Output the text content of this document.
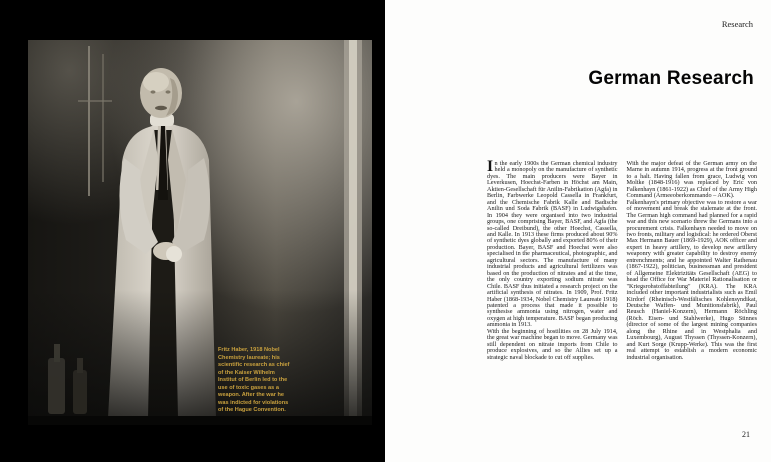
Fritz Haber, 1918 Nobel Chemistry laureate; his scientific research as chief of the Kaiser Wilhelm Institut of Berlin led to the use of toxic gases as a weapon. After the war he was indicted for violations of the Hague Convention.
Research
German Research

In the early 1900s the German chemical industry held a monopoly on the manufacture of synthetic dyes. The main producers were Bayer in Leverkusen, Hoechst-Farben in Höchst am Main, Aktien-Gesellschaft für Anilin-Fabrikation (Agfa) in Berlin, Farbwerke Leopold Cassella in Frankfurt, and the Chemische Fabrik Kalle and Badische Anilin und Soda Fabrik (BASF) in Ludwigshafen. In 1904 they were organised into two industrial groups, one comprising Bayer, BASF, and Agfa (the so-called Dreibund), the other Hoechst, Cassella, and Kalle. In 1913 these firms produced about 90% of synthetic dyes globally and exported 80% of their production. Bayer, BASF and Hoechst were also specialised in the pharmaceutical, photographic, and agricultural sectors. The manufacture of many industrial products and agricultural fertilizers was based on the production of nitrates and at the time, the only country exporting sodium nitrate was Chile. BASF thus initiated a research project on the artificial synthesis of nitrates. In 1909, Prof. Fritz Haber (1868-1934, Nobel Chemistry Laureate 1918) patented a process that made it possible to synthesise ammonia using nitrogen, water and oxygen at high temperature. BASF began producing ammonia in 1913.

With the beginning of hostilities on 28 July 1914, the great war machine began to move. Germany was still dependent on nitrate imports from Chile to produce explosives, and so the Allies set up a strategic naval blockade to cut off supplies.

With the major defeat of the German army on the Marne in autumn 1914, progress at the front ground to a halt. Having fallen from grace, Ludwig von Moltke (1848-1916) was replaced by Eric von Falkenhayn (1861-1922) as Chief of the Army High Command (Armeeoberkommando – AOK).

Falkenhayn's primary objective was to restore a war of movement and break the stalemate at the front. The German high command had planned for a rapid war and this new scenario threw the Germans into a procurement crisis. Falkenhayn needed to move on two fronts, military and logistical: he ordered Oberst Max Hermann Bauer (1869-1929), AOK officer and expert in heavy artillery, to develop new artillery weaponry with greater capability to destroy enemy entrenchments; and he appointed Walter Rathenau (1867-1922), politician, businessman and president of Allgemeine Elektrizitäts Gesellschaft (AEG) to head the Office for War Materiel Rationalisation or "Kriegsrohstoffabteilung" (KRA). The KRA included other important industrialists such as Emil Kirdorf (Rheinisch-Westfälisches Kohlensyndikat, Deutsche Waffen- und Munitionsfabrik), Paul Reusch (Haniel-Konzern), Hermann Röchling (Röch. Eisen- und Stahlwerke), Hugo Stinnes (director of some of the largest mining companies along the Rhine and in Westphalia and Luxembourg), August Thyssen (Thyssen-Konzern), and Kurt Sorge (Krupp-Werke). This was the first real attempt to establish a modern economic industrial organisation.

21
